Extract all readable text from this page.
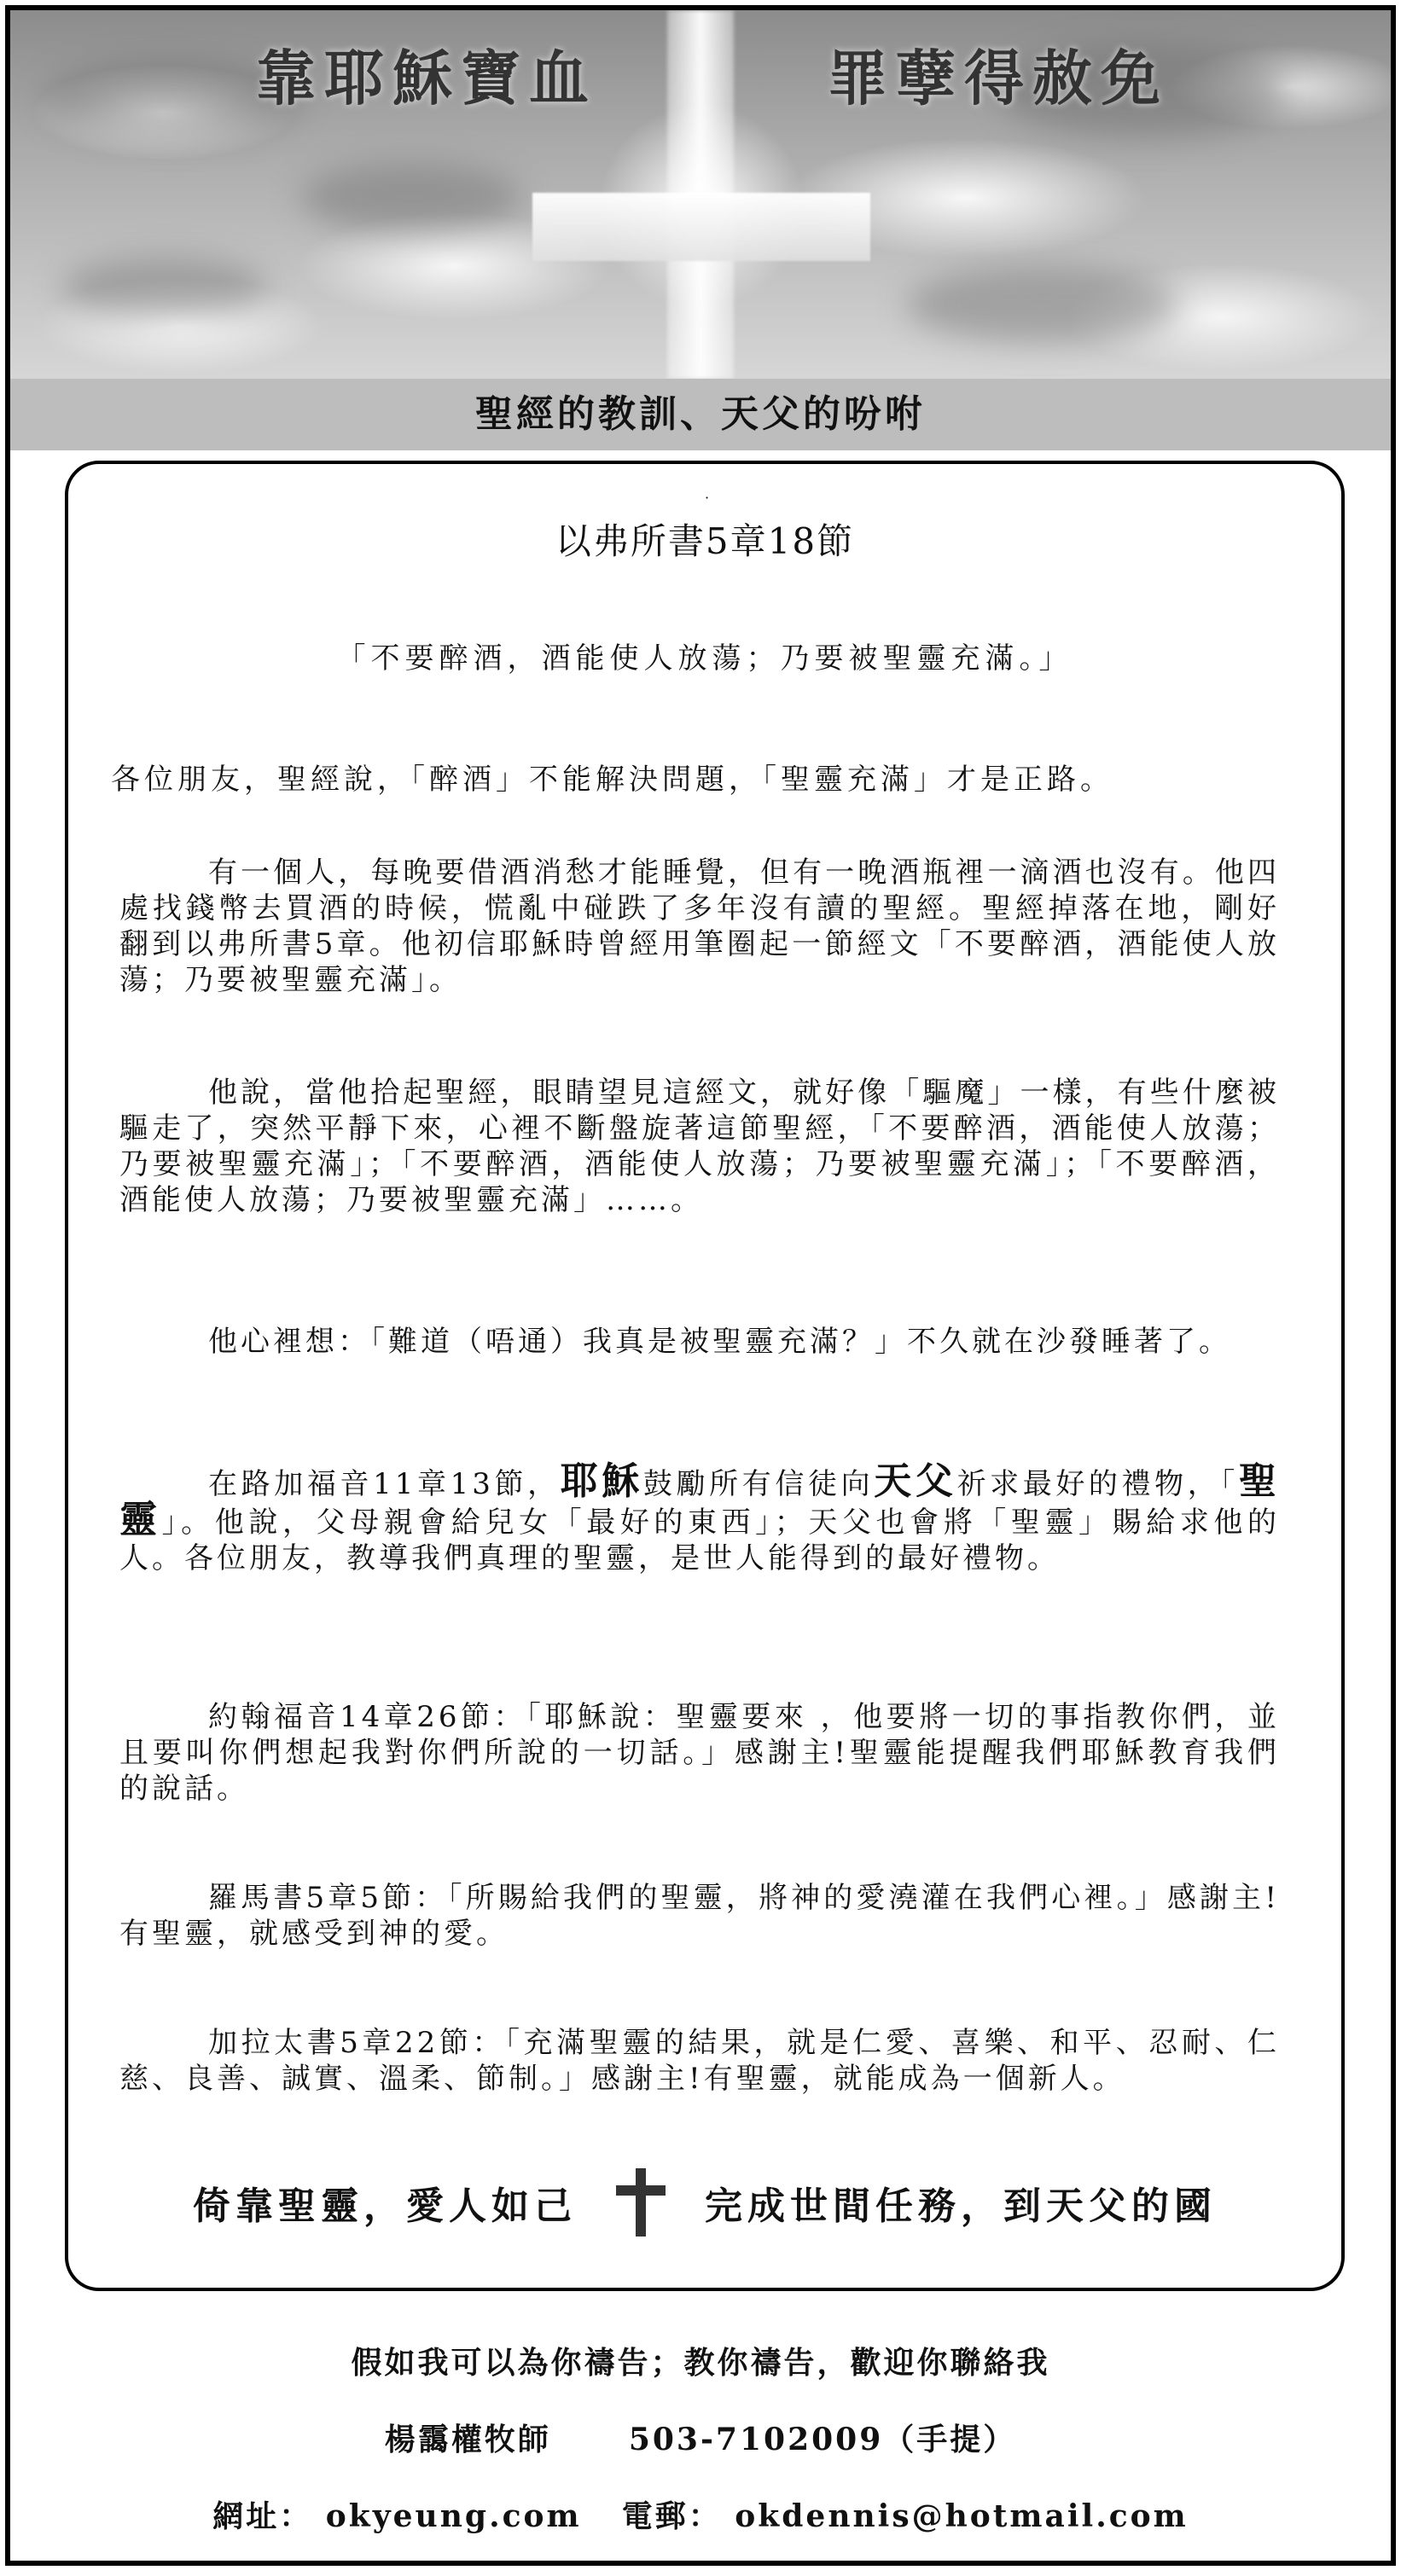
靠耶穌寶血	罪孽得赦免
聖經的教訓、天父的吩咐
·
以弗所書5章18節
「不要醉酒，酒能使人放蕩；乃要被聖靈充滿。」
各位朋友，聖經說，「醉酒」不能解決問題，「聖靈充滿」才是正路。
有一個人，每晚要借酒消愁才能睡覺，但有一晚酒瓶裡一滴酒也沒有。他四處找錢幣去買酒的時候，慌亂中碰跌了多年沒有讀的聖經。聖經掉落在地，剛好翻到以弗所書5章。他初信耶穌時曾經用筆圈起一節經文「不要醉酒，酒能使人放蕩；乃要被聖靈充滿」。
他說，當他拾起聖經，眼睛望見這經文，就好像「驅魔」一樣，有些什麼被驅走了，突然平靜下來，心裡不斷盤旋著這節聖經，「不要醉酒，酒能使人放蕩；乃要被聖靈充滿」；「不要醉酒，酒能使人放蕩；乃要被聖靈充滿」；「不要醉酒，酒能使人放蕩；乃要被聖靈充滿」……。
他心裡想：「難道（唔通）我真是被聖靈充滿？」不久就在沙發睡著了。
在路加福音11章13節，耶穌鼓勵所有信徒向天父祈求最好的禮物，「聖靈」。他說，父母親會給兒女「最好的東西」；天父也會將「聖靈」賜給求他的人。各位朋友，教導我們真理的聖靈，是世人能得到的最好禮物。
約翰福音14章26節：「耶穌說：聖靈要來 ，他要將一切的事指教你們，並且要叫你們想起我對你們所說的一切話。」感謝主!聖靈能提醒我們耶穌教育我們的說話。
羅馬書5章5節：「所賜給我們的聖靈，將神的愛澆灌在我們心裡。」感謝主!有聖靈，就感受到神的愛。
加拉太書5章22節：「充滿聖靈的結果，就是仁愛、喜樂、和平、忍耐、仁慈、良善、誠實、溫柔、節制。」感謝主!有聖靈，就能成為一個新人。
倚靠聖靈，愛人如己	完成世間任務，到天父的國
假如我可以為你禱告；教你禱告，歡迎你聯絡我
楊靄權牧師	503-7102009（手提）
網址： okyeung.com 電郵： okdennis@hotmail.com
